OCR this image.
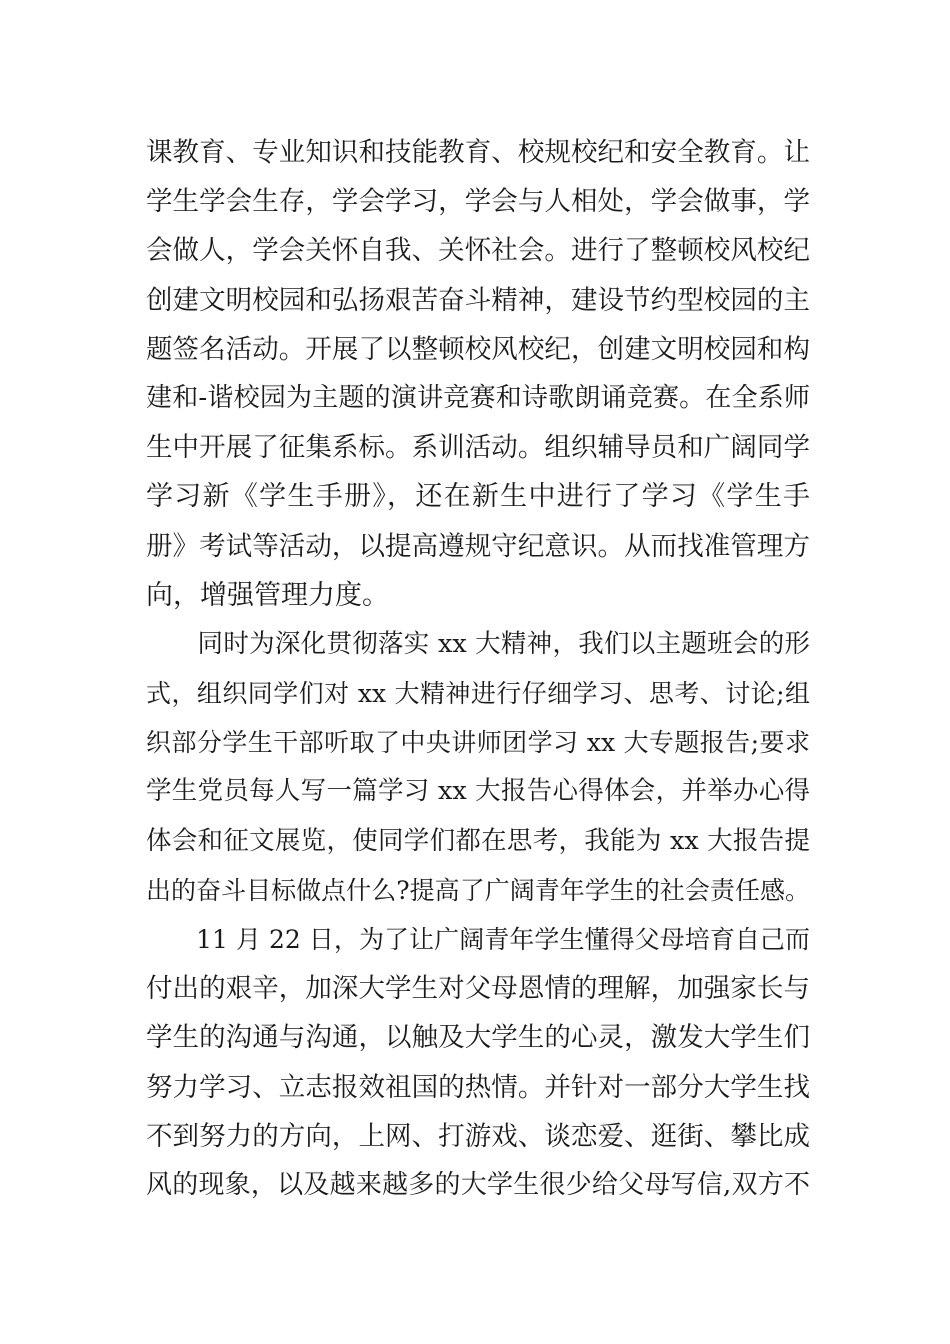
课教育、专业知识和技能教育、校规校纪和安全教育。让
学生学会生存，学会学习，学会与人相处，学会做事，学
会做人，学会关怀自我、关怀社会。进行了整顿校风校纪
创建文明校园和弘扬艰苦奋斗精神，建设节约型校园的主
题签名活动。开展了以整顿校风校纪，创建文明校园和构
建和-谐校园为主题的演讲竞赛和诗歌朗诵竞赛。在全系师
生中开展了征集系标。系训活动。组织辅导员和广阔同学
学习新《学生手册》，还在新生中进行了学习《学生手
册》考试等活动，以提高遵规守纪意识。从而找准管理方
向，增强管理力度。
　　同时为深化贯彻落实 xx 大精神，我们以主题班会的形
式，组织同学们对 xx 大精神进行仔细学习、思考、讨论;组
织部分学生干部听取了中央讲师团学习 xx 大专题报告;要求
学生党员每人写一篇学习 xx 大报告心得体会，并举办心得
体会和征文展览，使同学们都在思考，我能为 xx 大报告提
出的奋斗目标做点什么?提高了广阔青年学生的社会责任感。
　　11 月 22 日，为了让广阔青年学生懂得父母培育自己而
付出的艰辛，加深大学生对父母恩情的理解，加强家长与
学生的沟通与沟通，以触及大学生的心灵，激发大学生们
努力学习、立志报效祖国的热情。并针对一部分大学生找
不到努力的方向，上网、打游戏、谈恋爱、逛街、攀比成
风的现象，以及越来越多的大学生很少给父母写信,双方不
